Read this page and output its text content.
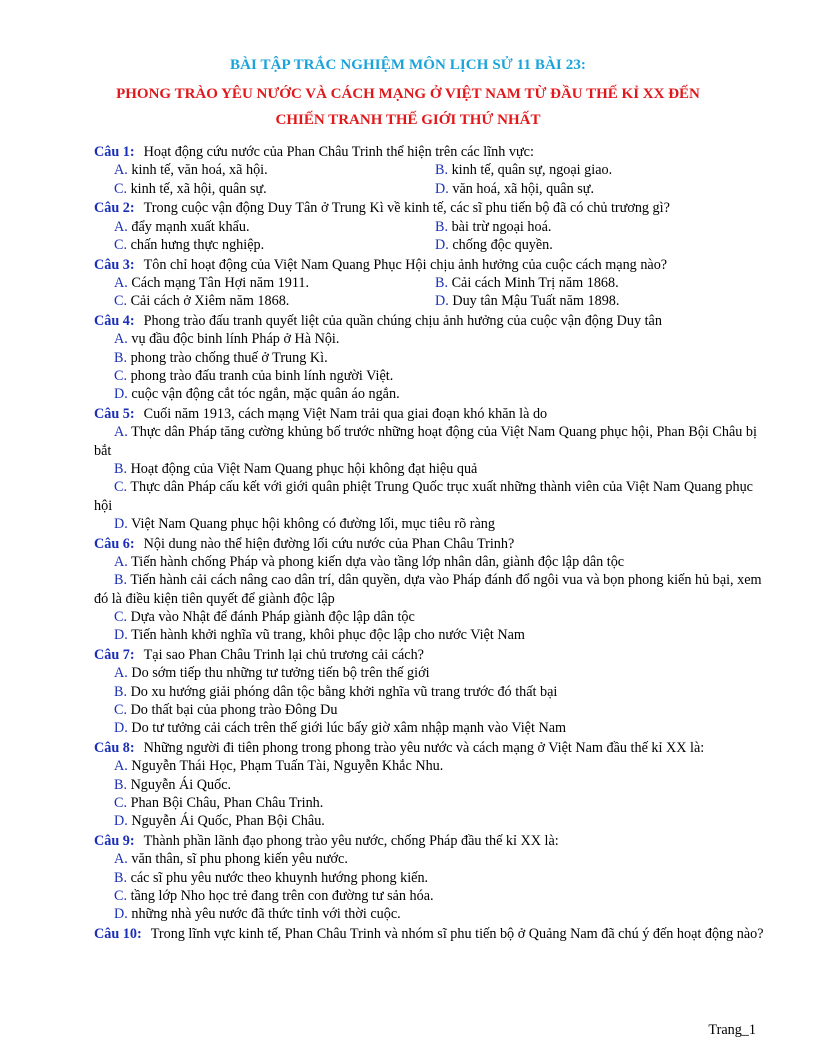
BÀI TẬP TRẮC NGHIỆM MÔN LỊCH SỬ 11 BÀI 23:
PHONG TRÀO YÊU NƯỚC VÀ CÁCH MẠNG Ở VIỆT NAM TỪ ĐẦU THẾ KỈ XX ĐẾN
CHIẾN TRANH THẾ GIỚI THỨ NHẤT
Câu 1: Hoạt động cứu nước của Phan Châu Trinh thể hiện trên các lĩnh vực:
A. kinh tế, văn hoá, xã hội.	B. kinh tế, quân sự, ngoại giao.
C. kinh tế, xã hội, quân sự.	D. văn hoá, xã hội, quân sự.
Câu 2: Trong cuộc vận động Duy Tân ở Trung Kì về kinh tế, các sĩ phu tiến bộ đã có chủ trương gì?
A. đẩy mạnh xuất khẩu.	B. bài trừ ngoại hoá.
C. chấn hưng thực nghiệp.	D. chống độc quyền.
Câu 3: Tôn chỉ hoạt động của Việt Nam Quang Phục Hội chịu ảnh hưởng của cuộc cách mạng nào?
A. Cách mạng Tân Hợi năm 1911.	B. Cải cách Minh Trị năm 1868.
C. Cải cách ở Xiêm năm 1868.	D. Duy tân Mậu Tuất năm 1898.
Câu 4: Phong trào đấu tranh quyết liệt của quần chúng chịu ảnh hưởng của cuộc vận động Duy tân
A. vụ đầu độc binh lính Pháp ở Hà Nội.
B. phong trào chống thuế ở Trung Kì.
C. phong trào đấu tranh của binh lính người Việt.
D. cuộc vận động cắt tóc ngắn, mặc quân áo ngắn.
Câu 5: Cuối năm 1913, cách mạng Việt Nam trải qua giai đoạn khó khăn là do
A. Thực dân Pháp tăng cường khủng bố trước những hoạt động của Việt Nam Quang phục hội, Phan Bội Châu bị bắt
B. Hoạt động của Việt Nam Quang phục hội không đạt hiệu quả
C. Thực dân Pháp cấu kết với giới quân phiệt Trung Quốc trục xuất những thành viên của Việt Nam Quang phục hội
D. Việt Nam Quang phục hội không có đường lối, mục tiêu rõ ràng
Câu 6: Nội dung nào thể hiện đường lối cứu nước của Phan Châu Trinh?
A. Tiến hành chống Pháp và phong kiến dựa vào tầng lớp nhân dân, giành độc lập dân tộc
B. Tiến hành cải cách nâng cao dân trí, dân quyền, dựa vào Pháp đánh đổ ngôi vua và bọn phong kiến hủ bại, xem đó là điều kiện tiên quyết để giành độc lập
C. Dựa vào Nhật để đánh Pháp giành độc lập dân tộc
D. Tiến hành khởi nghĩa vũ trang, khôi phục độc lập cho nước Việt Nam
Câu 7: Tại sao Phan Châu Trinh lại chủ trương cải cách?
A. Do sớm tiếp thu những tư tưởng tiến bộ trên thế giới
B. Do xu hướng giải phóng dân tộc bằng khởi nghĩa vũ trang trước đó thất bại
C. Do thất bại của phong trào Đông Du
D. Do tư tưởng cải cách trên thế giới lúc bấy giờ xâm nhập mạnh vào Việt Nam
Câu 8: Những người đi tiên phong trong phong trào yêu nước và cách mạng ở Việt Nam đầu thế kỉ XX là:
A. Nguyễn Thái Học, Phạm Tuấn Tài, Nguyễn Khắc Nhu.
B. Nguyễn Ái Quốc.
C. Phan Bội Châu, Phan Châu Trinh.
D. Nguyễn Ái Quốc, Phan Bội Châu.
Câu 9: Thành phần lãnh đạo phong trào yêu nước, chống Pháp đầu thế kỉ XX là:
A. văn thân, sĩ phu phong kiến yêu nước.
B. các sĩ phu yêu nước theo khuynh hướng phong kiến.
C. tầng lớp Nho học trẻ đang trên con đường tư sản hóa.
D. những nhà yêu nước đã thức tỉnh với thời cuộc.
Câu 10: Trong lĩnh vực kinh tế, Phan Châu Trinh và nhóm sĩ phu tiến bộ ở Quảng Nam đã chú ý đến hoạt động nào?
Trang_1
